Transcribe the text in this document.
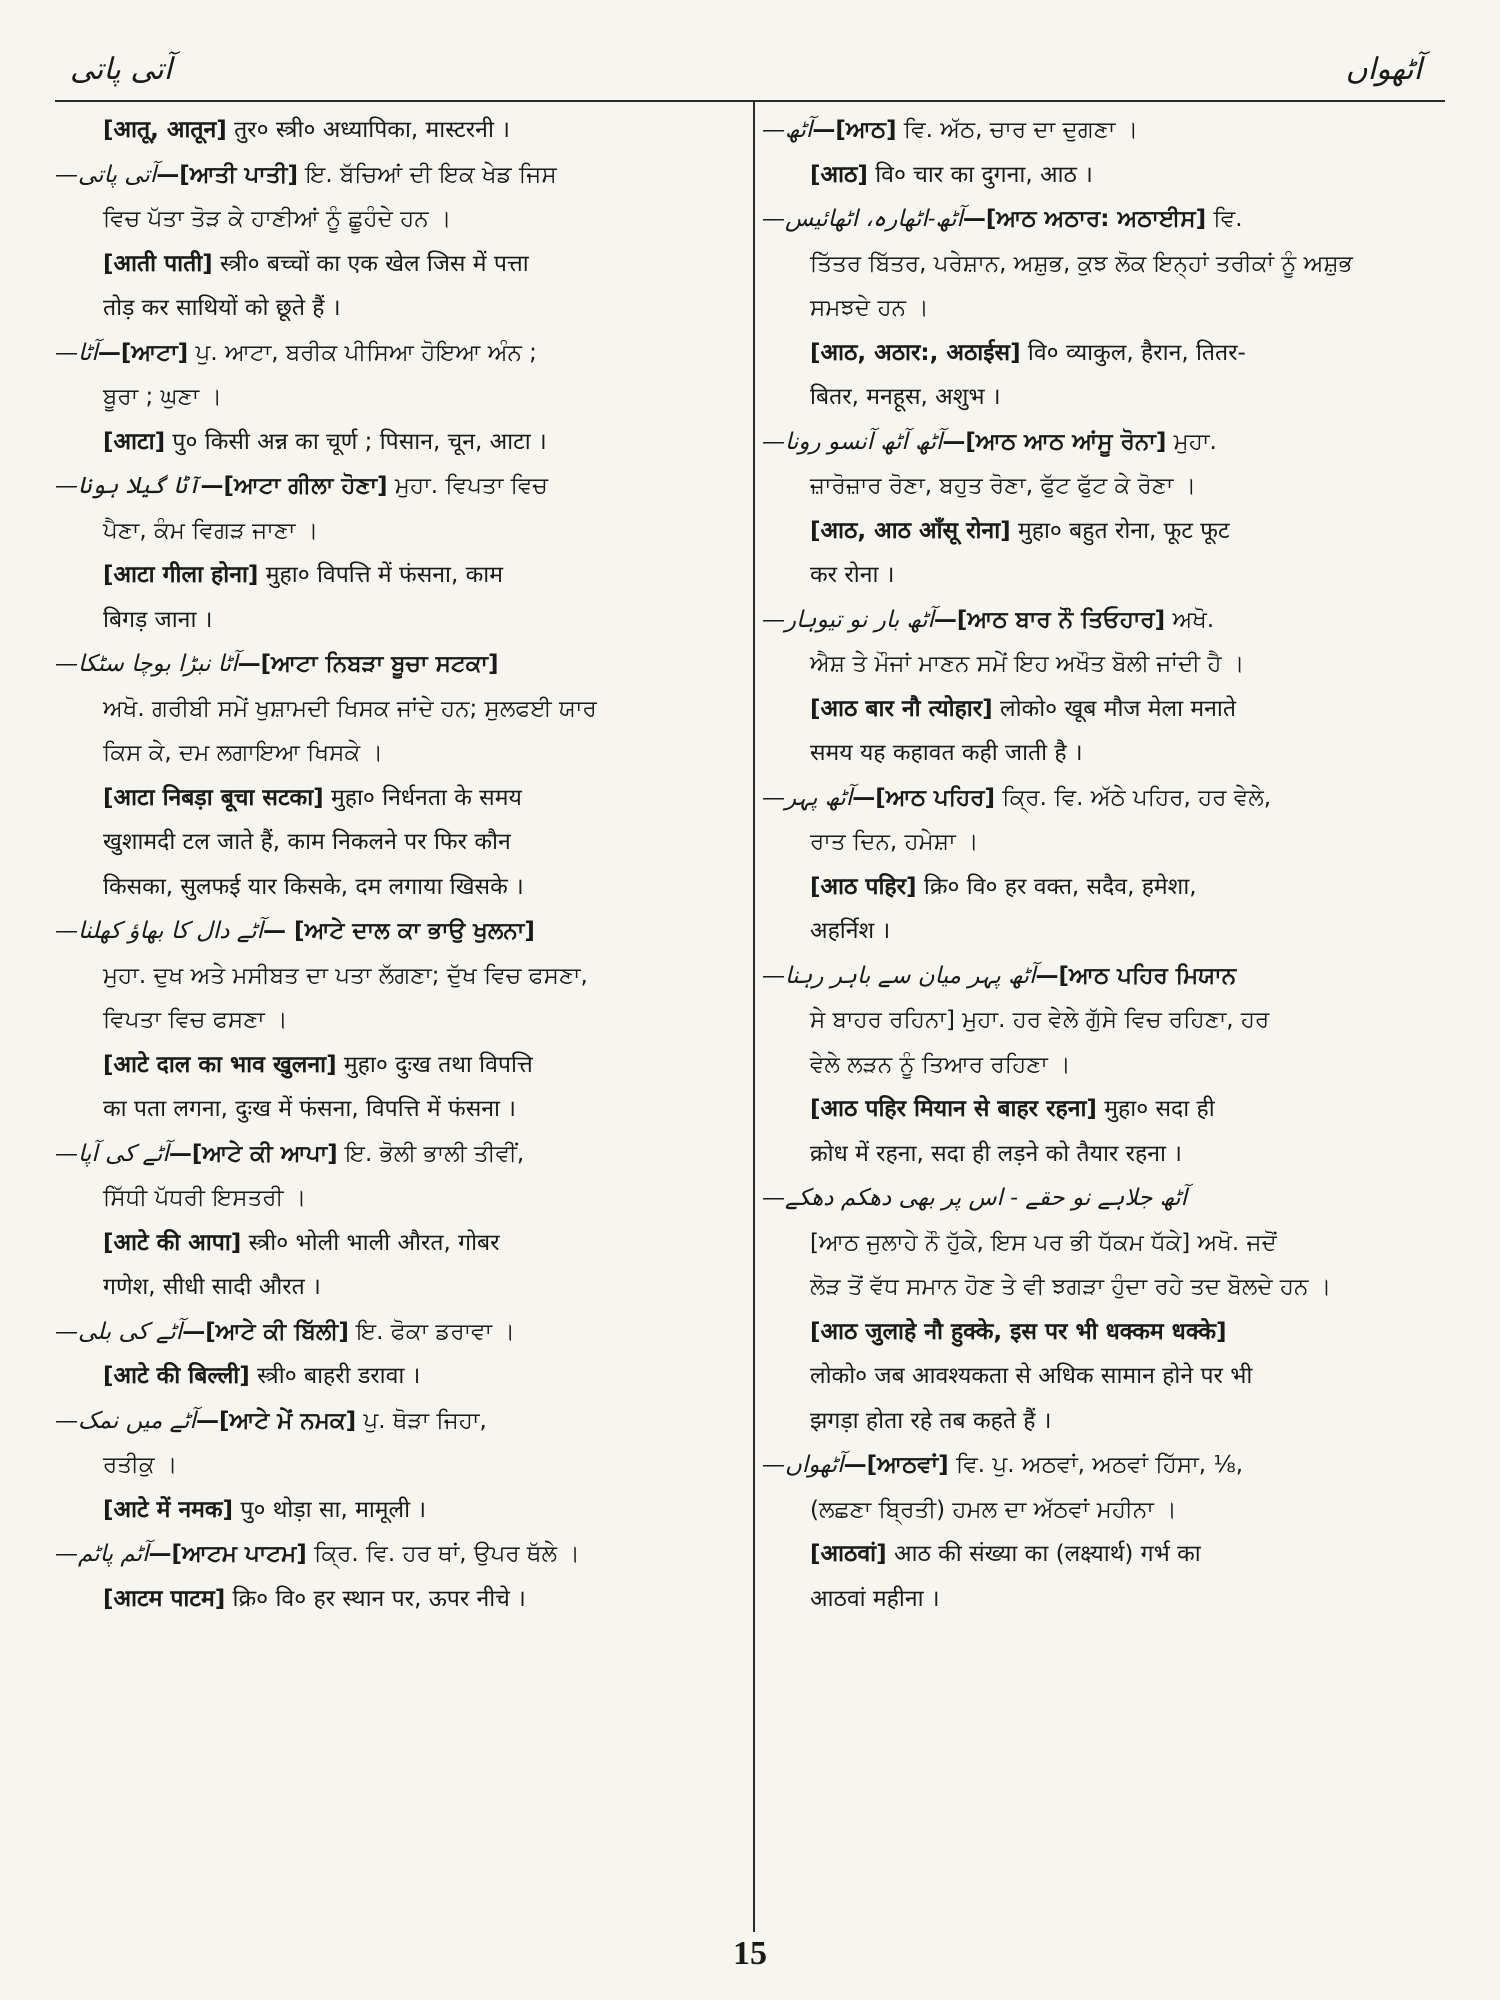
آتی پاتی	آٹھواں
[आतू, आतून] तुर० स्त्री० अध्यापिका, मास्टरनी ।
—آتی پاتی—[ਆਤੀ ਪਾਤੀ] ਇ. ਬੱਚਿਆਂ ਦੀ ਇਕ ਖੇਡ ਜਿਸ
ਵਿਚ ਪੱਤਾ ਤੋੜ ਕੇ ਹਾਣੀਆਂ ਨੂੰ ਛੂਹੰਦੇ ਹਨ ।
[आती पाती] स्त्री० बच्चों का एक खेल जिस में पत्ता
तोड़ कर साथियों को छूते हैं ।
—آٹا—[ਆਟਾ] ਪੁ. ਆਟਾ, ਬਰੀਕ ਪੀਸਿਆ ਹੋਇਆ ਅੰਨ ;
ਬੂਰਾ ; ਘੁਣਾ ।
[आटा] पु० किसी अन्न का चूर्ण ; पिसान, चून, आटा ।
—آٹا گیلا ہونا—[ਆਟਾ ਗੀਲਾ ਹੋਣਾ] ਮੁਹਾ. ਵਿਪਤਾ ਵਿਚ
ਪੈਣਾ, ਕੰਮ ਵਿਗੜ ਜਾਣਾ ।
[आटा गीला होना] मुहा० विपत्ति में फंसना, काम
बिगड़ जाना ।
—آٹا نبڑا بوچا سٹکا—[ਆਟਾ ਨਿਬੜਾ ਬੂਚਾ ਸਟਕਾ]
ਅਖੋ. ਗਰੀਬੀ ਸਮੇਂ ਖੁਸ਼ਾਮਦੀ ਖਿਸਕ ਜਾਂਦੇ ਹਨ; ਸੁਲਫਈ ਯਾਰ
ਕਿਸ ਕੇ, ਦਮ ਲਗਾਇਆ ਖਿਸਕੇ ।
[आटा निबड़ा बूचा सटका] मुहा० निर्धनता के समय
खुशामदी टल जाते हैं, काम निकलने पर फिर कौन
किसका, सुलफई यार किसके, दम लगाया खिसके ।
—آٹے دال کا بھاؤ کھلنا— [ਆਟੇ ਦਾਲ ਕਾ ਭਾਉ ਖੁਲਨਾ]
ਮੁਹਾ. ਦੁਖ ਅਤੇ ਮਸੀਬਤ ਦਾ ਪਤਾ ਲੱਗਣਾ; ਦੁੱਖ ਵਿਚ ਫਸਣਾ,
ਵਿਪਤਾ ਵਿਚ ਫਸਣਾ ।
[आटे दाल का भाव खुलना] मुहा० दुःख तथा विपत्ति
का पता लगना, दुःख में फंसना, विपत्ति में फंसना ।
—آٹے کی آپا—[ਆਟੇ ਕੀ ਆਪਾ] ਇ. ਭੋਲੀ ਭਾਲੀ ਤੀਵੀਂ,
ਸਿੱਧੀ ਪੱਧਰੀ ਇਸਤਰੀ ।
[आटे की आपा] स्त्री० भोली भाली औरत, गोबर
गणेश, सीधी सादी औरत ।
—آٹے کی بلی—[ਆਟੇ ਕੀ ਬਿੱਲੀ] ਇ. ਫੋਕਾ ਡਰਾਵਾ ।
[आटे की बिल्ली] स्त्री० बाहरी डरावा ।
—آٹے میں نمک—[ਆਟੇ ਮੇਂ ਨਮਕ] ਪੁ. ਥੋੜਾ ਜਿਹਾ,
ਰਤੀਕੁ ।
[आटे में नमक] पु० थोड़ा सा, मामूली ।
—آٹم پاٹم—[ਆਟਮ ਪਾਟਮ] ਕ੍ਰਿ. ਵਿ. ਹਰ ਥਾਂ, ਉਪਰ ਥੱਲੇ ।
[आटम पाटम] क्रि० वि० हर स्थान पर, ऊपर नीचे ।
—آٹھ—[ਆਠ] ਵਿ. ਅੱਠ, ਚਾਰ ਦਾ ਦੁਗਣਾ ।
[आठ] वि० चार का दुगना, आठ ।
—آٹھ-اٹھارہ، اٹھائیس—[ਆਠ ਅਠਾਰ: ਅਠਾਈਸ] ਵਿ.
ਤਿੱਤਰ ਬਿੱਤਰ, ਪਰੇਸ਼ਾਨ, ਅਸ਼ੁਭ, ਕੁਝ ਲੋਕ ਇਨ੍ਹਾਂ ਤਰੀਕਾਂ ਨੂੰ ਅਸ਼ੁਭ
ਸਮਝਦੇ ਹਨ ।
[आठ, अठार:, अठाईस] वि० व्याकुल, हैरान, तितर-
बितर, मनहूस, अशुभ ।
—آٹھ آٹھ آنسو رونا—[ਆਠ ਆਠ ਆਂਸੂ ਰੋਨਾ] ਮੁਹਾ.
ਜ਼ਾਰੋਜ਼ਾਰ ਰੋਣਾ, ਬਹੁਤ ਰੋਣਾ, ਫੁੱਟ ਫੁੱਟ ਕੇ ਰੋਣਾ ।
[आठ, आठ आँसू रोना] मुहा० बहुत रोना, फूट फूट
कर रोना ।
—آٹھ بار نو تیوہار—[ਆਠ ਬਾਰ ਨੌ ਤਿਓਹਾਰ] ਅਖੋ.
ਐਸ਼ ਤੇ ਮੌਜਾਂ ਮਾਣਨ ਸਮੇਂ ਇਹ ਅਖੌਤ ਬੋਲੀ ਜਾਂਦੀ ਹੈ ।
[आठ बार नौ त्योहार] लोको० खूब मौज मेला मनाते
समय यह कहावत कही जाती है ।
—آٹھ پہر—[ਆਠ ਪਹਿਰ] ਕ੍ਰਿ. ਵਿ. ਅੱਠੇ ਪਹਿਰ, ਹਰ ਵੇਲੇ,
ਰਾਤ ਦਿਨ, ਹਮੇਸ਼ਾ ।
[आठ पहिर] क्रि० वि० हर वक्त, सदैव, हमेशा,
अहर्निश ।
—آٹھ پہر میان سے باہر رہنا—[ਆਠ ਪਹਿਰ ਮਿਯਾਨ
ਸੇ ਬਾਹਰ ਰਹਿਨਾ] ਮੁਹਾ. ਹਰ ਵੇਲੇ ਗੁੱਸੇ ਵਿਚ ਰਹਿਣਾ, ਹਰ
ਵੇਲੇ ਲੜਨ ਨੂੰ ਤਿਆਰ ਰਹਿਣਾ ।
[आठ पहिर मियान से बाहर रहना] मुहा० सदा ही
क्रोध में रहना, सदा ही लड़ने को तैयार रहना ।
—آٹھ جلاہے نو حقے - اس پر بھی دھکم دھکے
[ਆਠ ਜੁਲਾਹੇ ਨੌ ਹੁੱਕੇ, ਇਸ ਪਰ ਭੀ ਧੱਕਮ ਧੱਕੇ] ਅਖੋ. ਜਦੋਂ
ਲੋੜ ਤੋਂ ਵੱਧ ਸਮਾਨ ਹੋਣ ਤੇ ਵੀ ਝਗੜਾ ਹੁੰਦਾ ਰਹੇ ਤਦ ਬੋਲਦੇ ਹਨ ।
[आठ जुलाहे नौ हुक्के, इस पर भी धक्कम धक्के]
लोको० जब आवश्यकता से अधिक सामान होने पर भी
झगड़ा होता रहे तब कहते हैं ।
—آٹھواں—[ਆਠਵਾਂ] ਵਿ. ਪੁ. ਅਠਵਾਂ, ਅਠਵਾਂ ਹਿੱਸਾ, ⅛,
(ਲਛਣਾ ਬ੍ਰਿਤੀ) ਹਮਲ ਦਾ ਅੱਠਵਾਂ ਮਹੀਨਾ ।
[आठवां] आठ की संख्या का (लक्ष्यार्थ) गर्भ का
आठवां महीना ।
15
